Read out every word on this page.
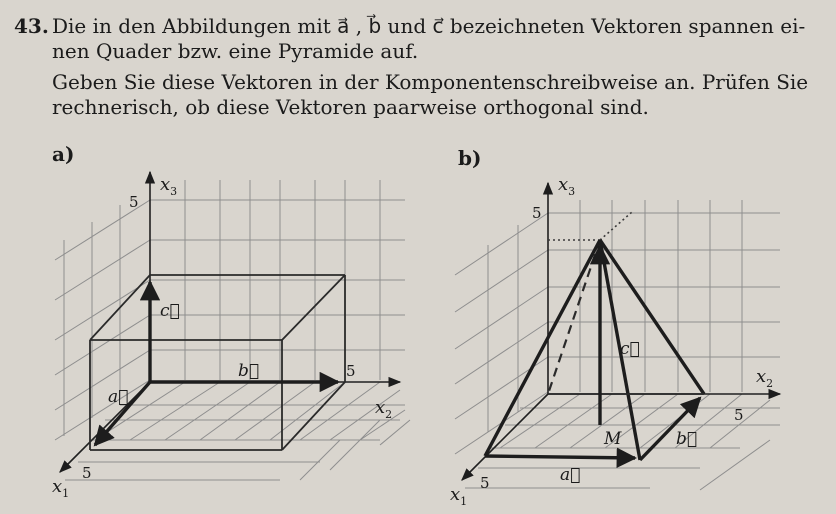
43. Die in den Abbildungen mit a⃗ , b⃗ und c⃗ bezeichneten Vektoren spannen ei-
nen Quader bzw. eine Pyramide auf.
Geben Sie diese Vektoren in der Komponentenschreibweise an. Prüfen Sie
rechnerisch, ob diese Vektoren paarweise orthogonal sind.
a)	b)
$x_3$
5
5
$x_2$
5
$x_1$
c⃗
b⃗
a⃗
$x_3$
5
$x_2$
5
5
$x_1$
M
c⃗
b⃗
a⃗
